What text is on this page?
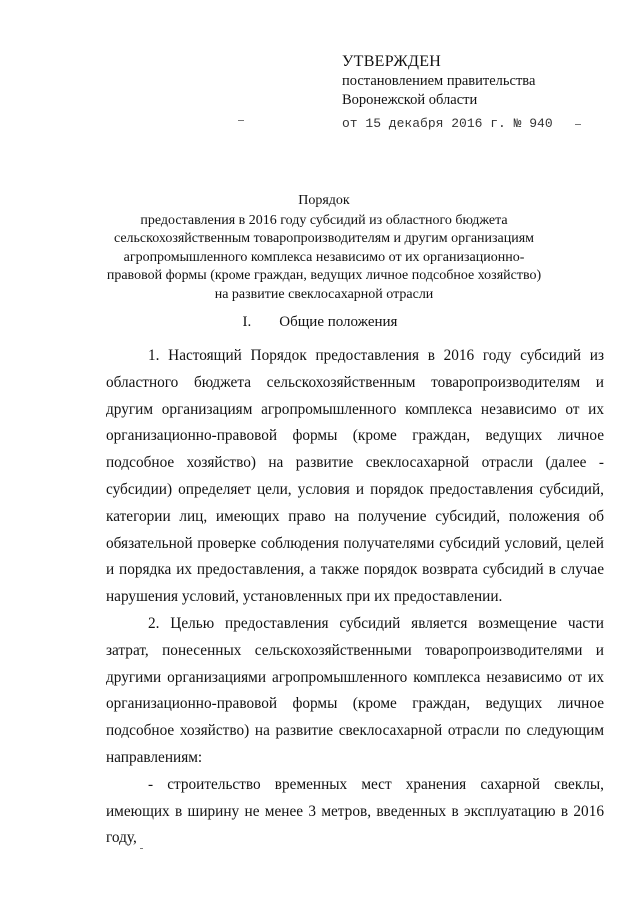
УТВЕРЖДЕН
постановлением правительства
Воронежской области
от 15 декабря 2016 г. № 940
Порядок
предоставления в 2016 году субсидий из областного бюджета сельскохозяйственным товаропроизводителям и другим организациям агропромышленного комплекса независимо от их организационно-правовой формы (кроме граждан, ведущих личное подсобное хозяйство) на развитие свеклосахарной отрасли
I. Общие положения

1. Настоящий Порядок предоставления в 2016 году субсидий из областного бюджета сельскохозяйственным товаропроизводителям и другим организациям агропромышленного комплекса независимо от их организационно-правовой формы (кроме граждан, ведущих личное подсобное хозяйство) на развитие свеклосахарной отрасли (далее - субсидии) определяет цели, условия и порядок предоставления субсидий, категории лиц, имеющих право на получение субсидий, положения об обязательной проверке соблюдения получателями субсидий условий, целей и порядка их предоставления, а также порядок возврата субсидий в случае нарушения условий, установленных при их предоставлении.

2. Целью предоставления субсидий является возмещение части затрат, понесенных сельскохозяйственными товаропроизводителями и другими организациями агропромышленного комплекса независимо от их организационно-правовой формы (кроме граждан, ведущих личное подсобное хозяйство) на развитие свеклосахарной отрасли по следующим направлениям:

- строительство временных мест хранения сахарной свеклы, имеющих в ширину не менее 3 метров, введенных в эксплуатацию в 2016 году,
